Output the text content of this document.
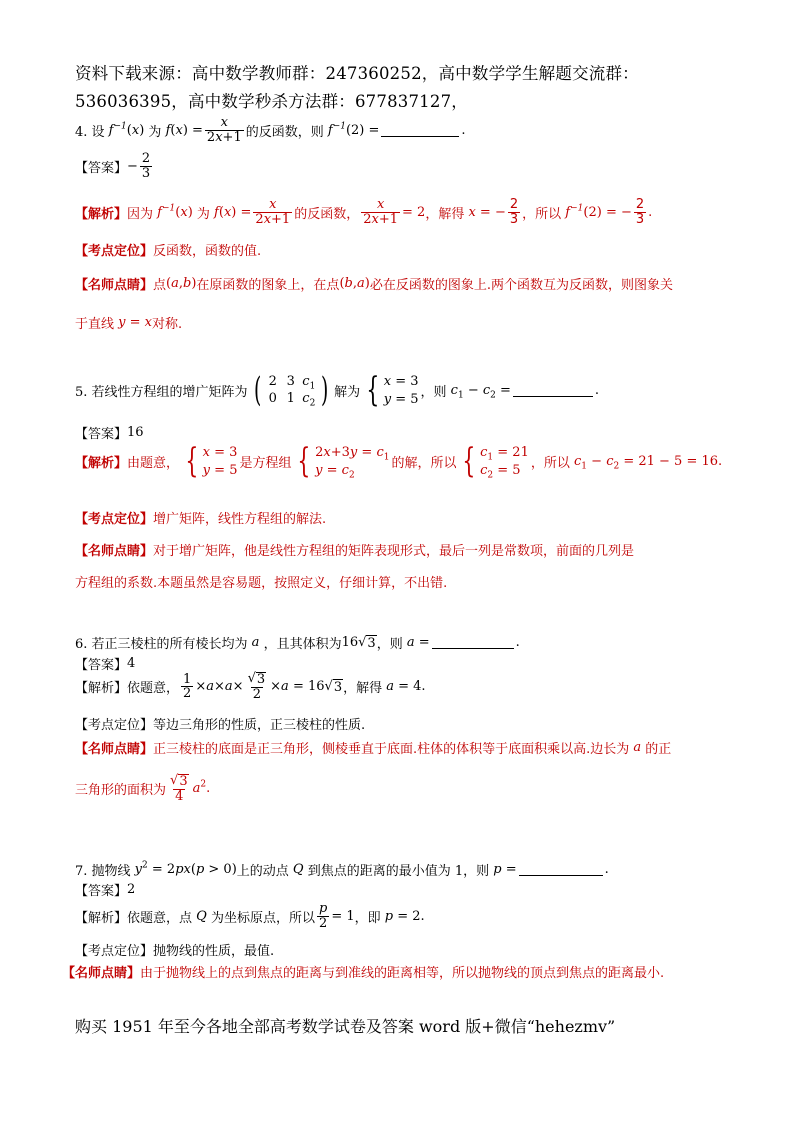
资料下载来源：高中数学教师群：247360252，高中数学学生解题交流群：
536036395，高中数学秒杀方法群：677837127，
4. 设 $f^{-1}(x)$ 为 $f(x) = \frac{x}{2x+1}$ 的反函数，则 $f^{-1}(2)$ =	.
【答案】 − $\frac{2}{3}$
【解析】 因为 $f^{-1}(x)$ 为 $f(x) = \frac{x}{2x+1}$ 的反函数， $\frac{x}{2x+1} = 2$ ，解得 x = − $\frac{2}{3}$ ，所以 $f^{-1}(2)$ = − $\frac{2}{3}$ .
【考点定位】 反函数，函数的值.
【名师点睛】 点 (a,b) 在原函数的图象上，在点 (b,a) 必在反函数的图象上.两个函数互为反函数，则图象关
于直线 y = x 对称.
5. 若线性方程组的增广矩阵为 ( 2 3 $c_1$
0 1 $c_2$ ) 解为 { x = 3
y = 5 ，则 $c_1 - c_2$ =	.
【答案】 16
【解析】 由题意， { x = 3
y = 5 是方程组 { $2x+3y = c_1$
$y = c_2$
的解，所以 { $c_1 = 21$
$c_2 = 5$ ，所以 $c_1 - c_2 = 21 - 5 = 16$.
【考点定位】 增广矩阵，线性方程组的解法.
【名师点睛】 对于增广矩阵，他是线性方程组的矩阵表现形式，最后一列是常数项，前面的几列是
方程组的系数.本题虽然是容易题，按照定义，仔细计算，不出错.
6. 若正三棱柱的所有棱长均为 a ，且其体积为 16 √ 3 ，则 a =	.
【答案】 4
【解析】 依题意， $\frac{1}{2} \times a\times a\times \frac{√ 3}{2} \times a = 16$ √ 3 ，解得 a = 4.
【考点定位】 等边三角形的性质，正三棱柱的性质.
【名师点睛】 正三棱柱的底面是正三角形，侧棱垂直于底面.柱体的体积等于底面积乘以高.边长为 a 的正
三角形的面积为 $\frac{√ 3}{4} a^2$ .
7. 抛物线 $y^2 = 2px(p > 0)$ 上的动点 Q 到焦点的距离的最小值为 1，则 p =	.
【答案】 2
【解析】 依题意，点 Q 为坐标原点，所以 $\frac{p}{2} = 1$ ，即 p = 2.
【考点定位】 抛物线的性质，最值.
【名师点睛】 由于抛物线上的点到焦点的距离与到准线的距离相等，所以抛物线的顶点到焦点的距离最小.
购买 1951 年至今各地全部高考数学试卷及答案 word 版+微信“hehezmv”
